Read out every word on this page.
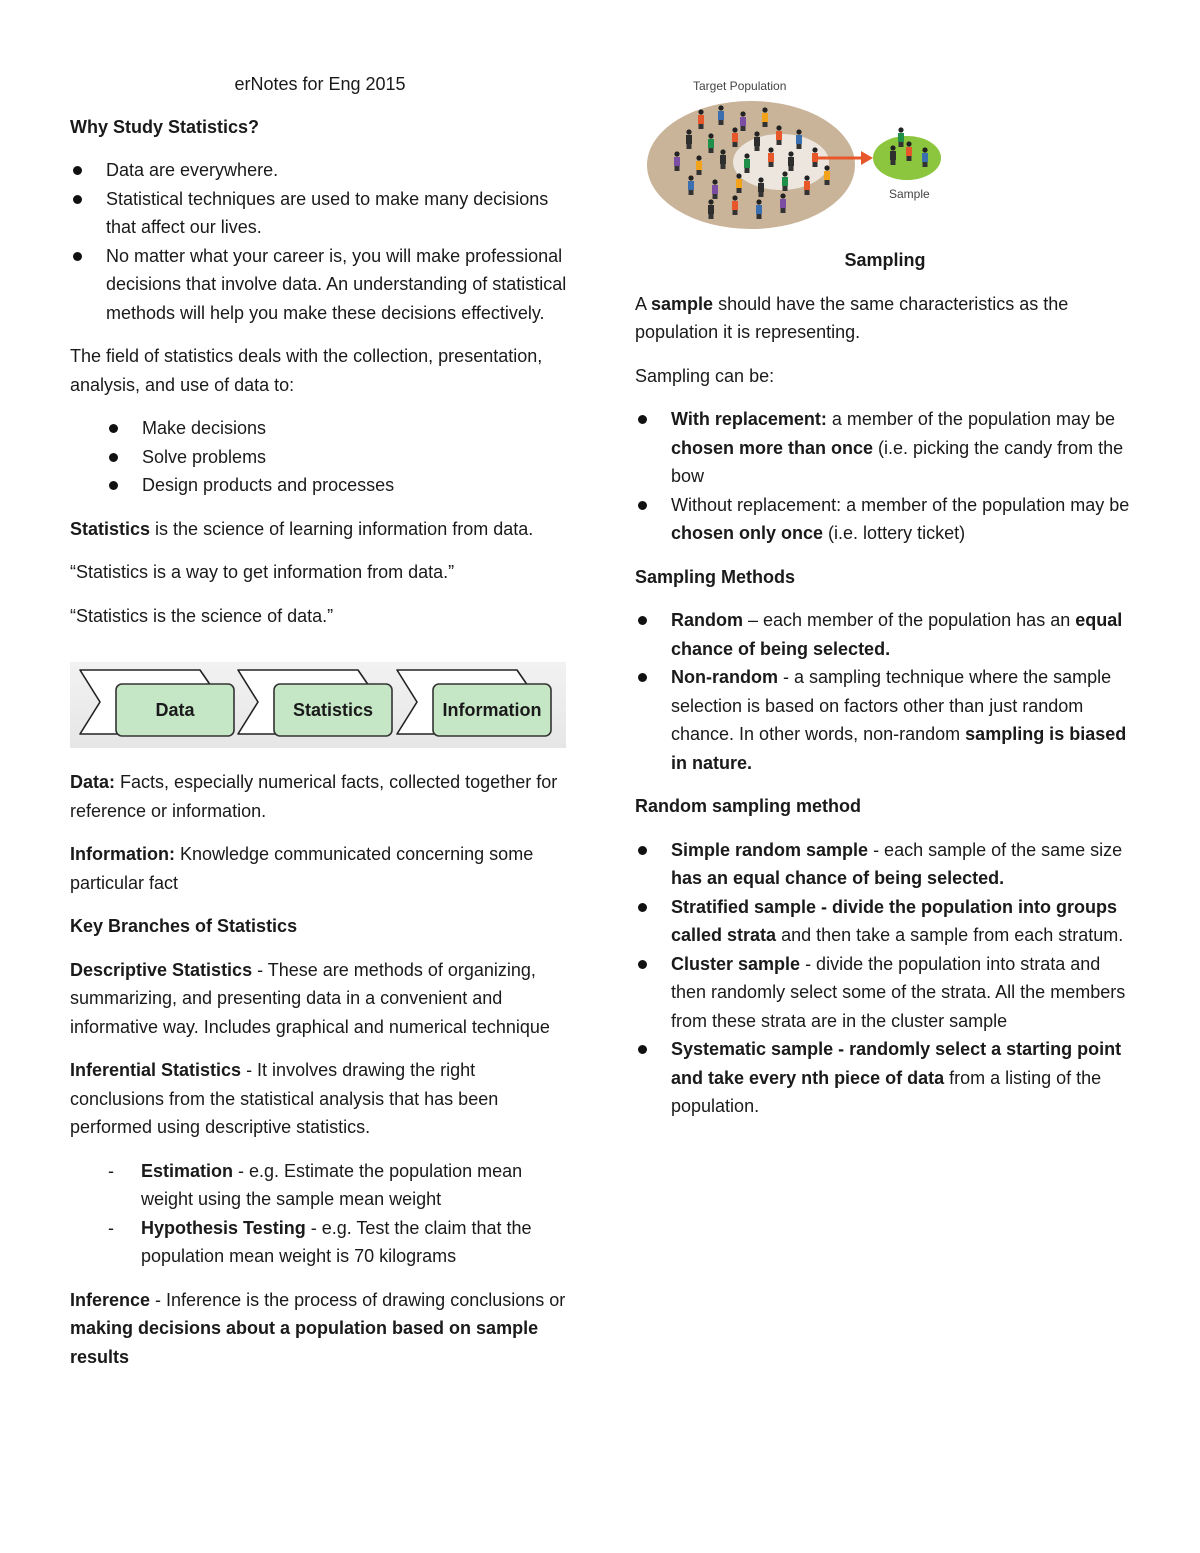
erNotes for Eng 2015

Why Study Statistics?

Data are everywhere.
Statistical techniques are used to make many decisions that affect our lives.
No matter what your career is, you will make professional decisions that involve data. An understanding of statistical methods will help you make these decisions effectively.

The field of statistics deals with the collection, presentation, analysis, and use of data to:

Make decisions
Solve problems
Design products and processes

Statistics is the science of learning information from data.

“Statistics is a way to get information from data.”

“Statistics is the science of data.”

Data	Statistics	Information

Data: Facts, especially numerical facts, collected together for reference or information.

Information: Knowledge communicated concerning some particular fact

Key Branches of Statistics

Descriptive Statistics - These are methods of organizing, summarizing, and presenting data in a convenient and informative way. Includes graphical and numerical technique

Inferential Statistics - It involves drawing the right conclusions from the statistical analysis that has been performed using descriptive statistics.

- Estimation - e.g. Estimate the population mean weight using the sample mean weight
- Hypothesis Testing - e.g. Test the claim that the population mean weight is 70 kilograms

Inference - Inference is the process of drawing conclusions or making decisions about a population based on sample results

Target Population
Sample

Sampling

A sample should have the same characteristics as the population it is representing.

Sampling can be:

With replacement: a member of the population may be chosen more than once (i.e. picking the candy from the bow
Without replacement: a member of the population may be chosen only once (i.e. lottery ticket)

Sampling Methods

Random – each member of the population has an equal chance of being selected.
Non-random - a sampling technique where the sample selection is based on factors other than just random chance. In other words, non-random sampling is biased in nature.

Random sampling method

Simple random sample - each sample of the same size has an equal chance of being selected.
Stratified sample - divide the population into groups called strata and then take a sample from each stratum.
Cluster sample - divide the population into strata and then randomly select some of the strata. All the members from these strata are in the cluster sample
Systematic sample - randomly select a starting point and take every nth piece of data from a listing of the population.
